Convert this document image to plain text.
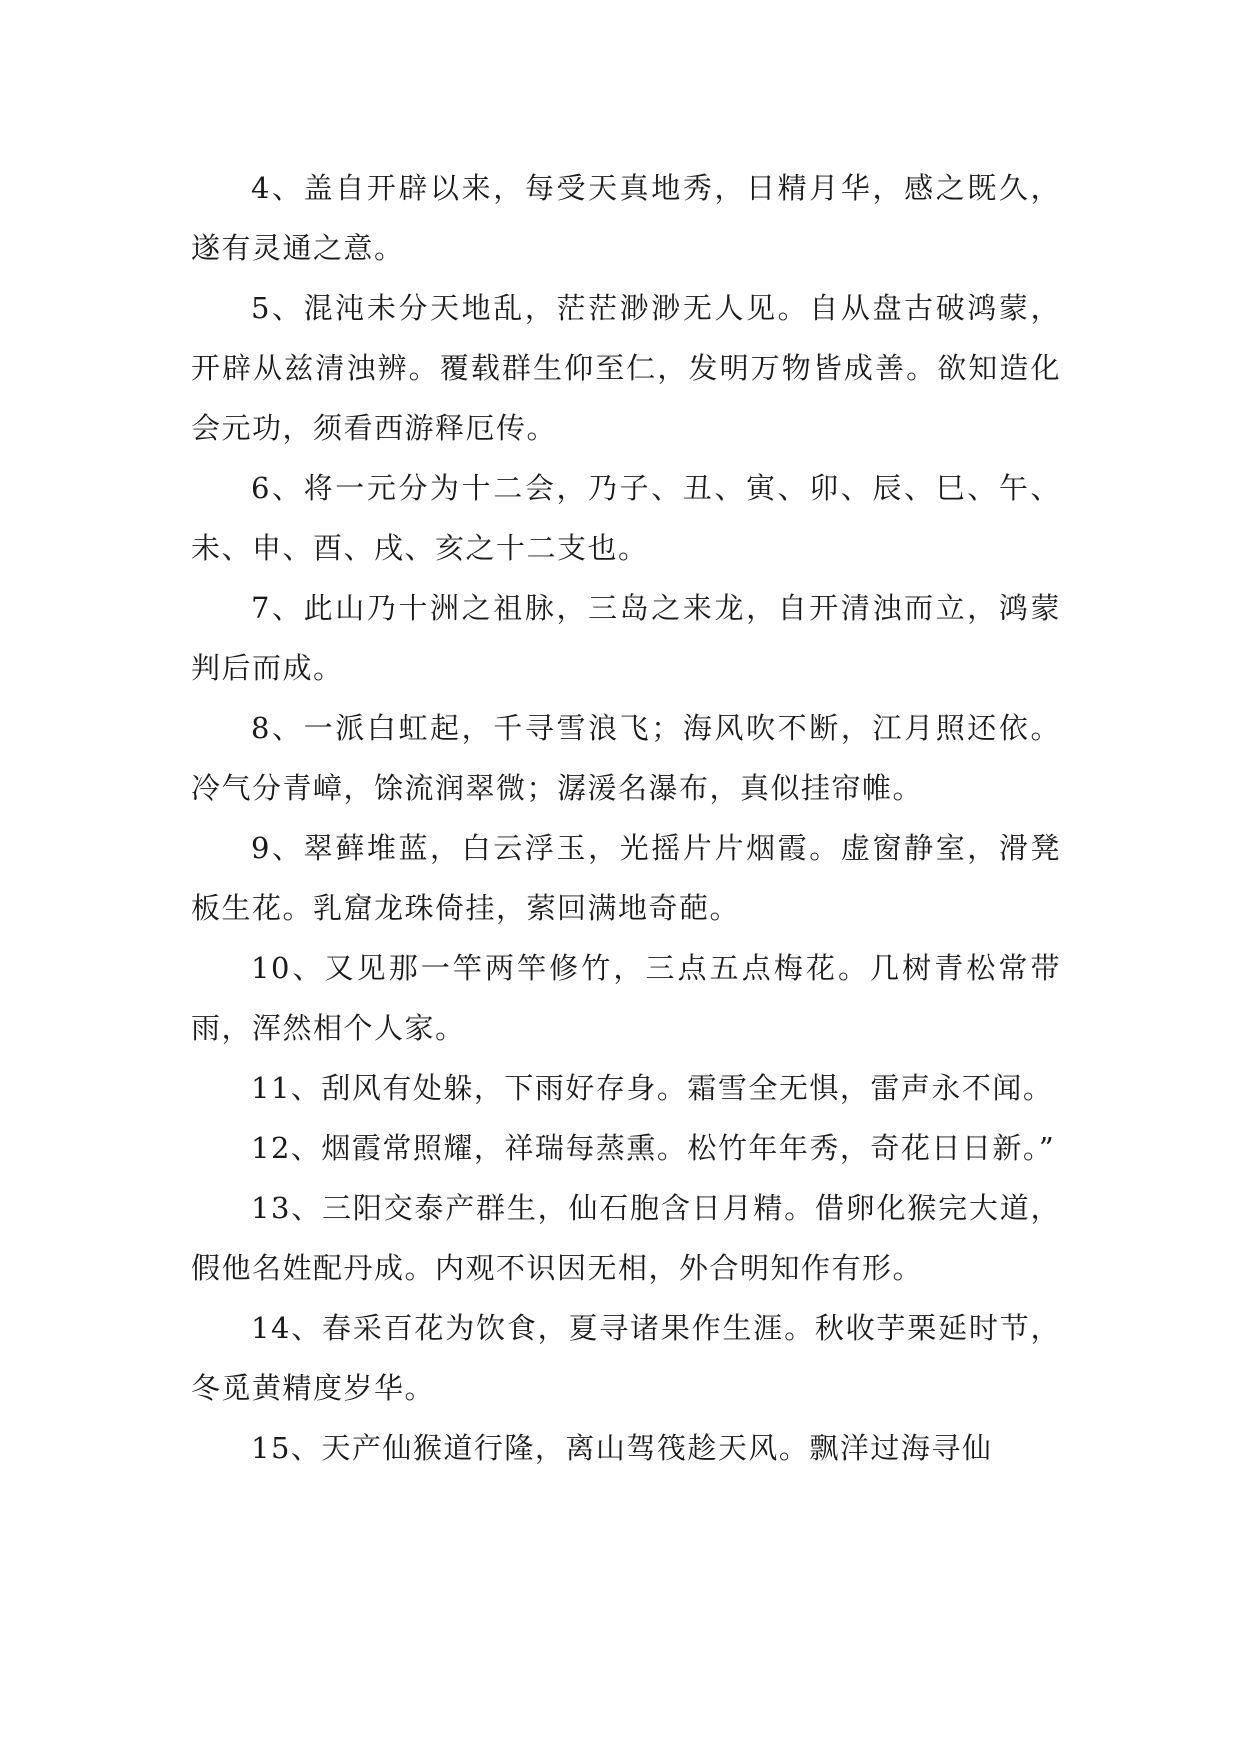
4、盖自开辟以来，每受天真地秀，日精月华，感之既久，遂有灵通之意。

5、混沌未分天地乱，茫茫渺渺无人见。自从盘古破鸿蒙，开辟从兹清浊辨。覆载群生仰至仁，发明万物皆成善。欲知造化会元功，须看西游释厄传。

6、将一元分为十二会，乃子、丑、寅、卯、辰、巳、午、未、申、酉、戌、亥之十二支也。

7、此山乃十洲之祖脉，三岛之来龙，自开清浊而立，鸿蒙判后而成。

8、一派白虹起，千寻雪浪飞；海风吹不断，江月照还依。冷气分青嶂，馀流润翠微；潺湲名瀑布，真似挂帘帷。

9、翠藓堆蓝，白云浮玉，光摇片片烟霞。虚窗静室，滑凳板生花。乳窟龙珠倚挂，萦回满地奇葩。

10、又见那一竿两竿修竹，三点五点梅花。几树青松常带雨，浑然相个人家。

11、刮风有处躲，下雨好存身。霜雪全无惧，雷声永不闻。

12、烟霞常照耀，祥瑞每蒸熏。松竹年年秀，奇花日日新。”

13、三阳交泰产群生，仙石胞含日月精。借卵化猴完大道，假他名姓配丹成。内观不识因无相，外合明知作有形。

14、春采百花为饮食，夏寻诸果作生涯。秋收芋栗延时节，冬觅黄精度岁华。

15、天产仙猴道行隆，离山驾筏趁天风。飘洋过海寻仙
